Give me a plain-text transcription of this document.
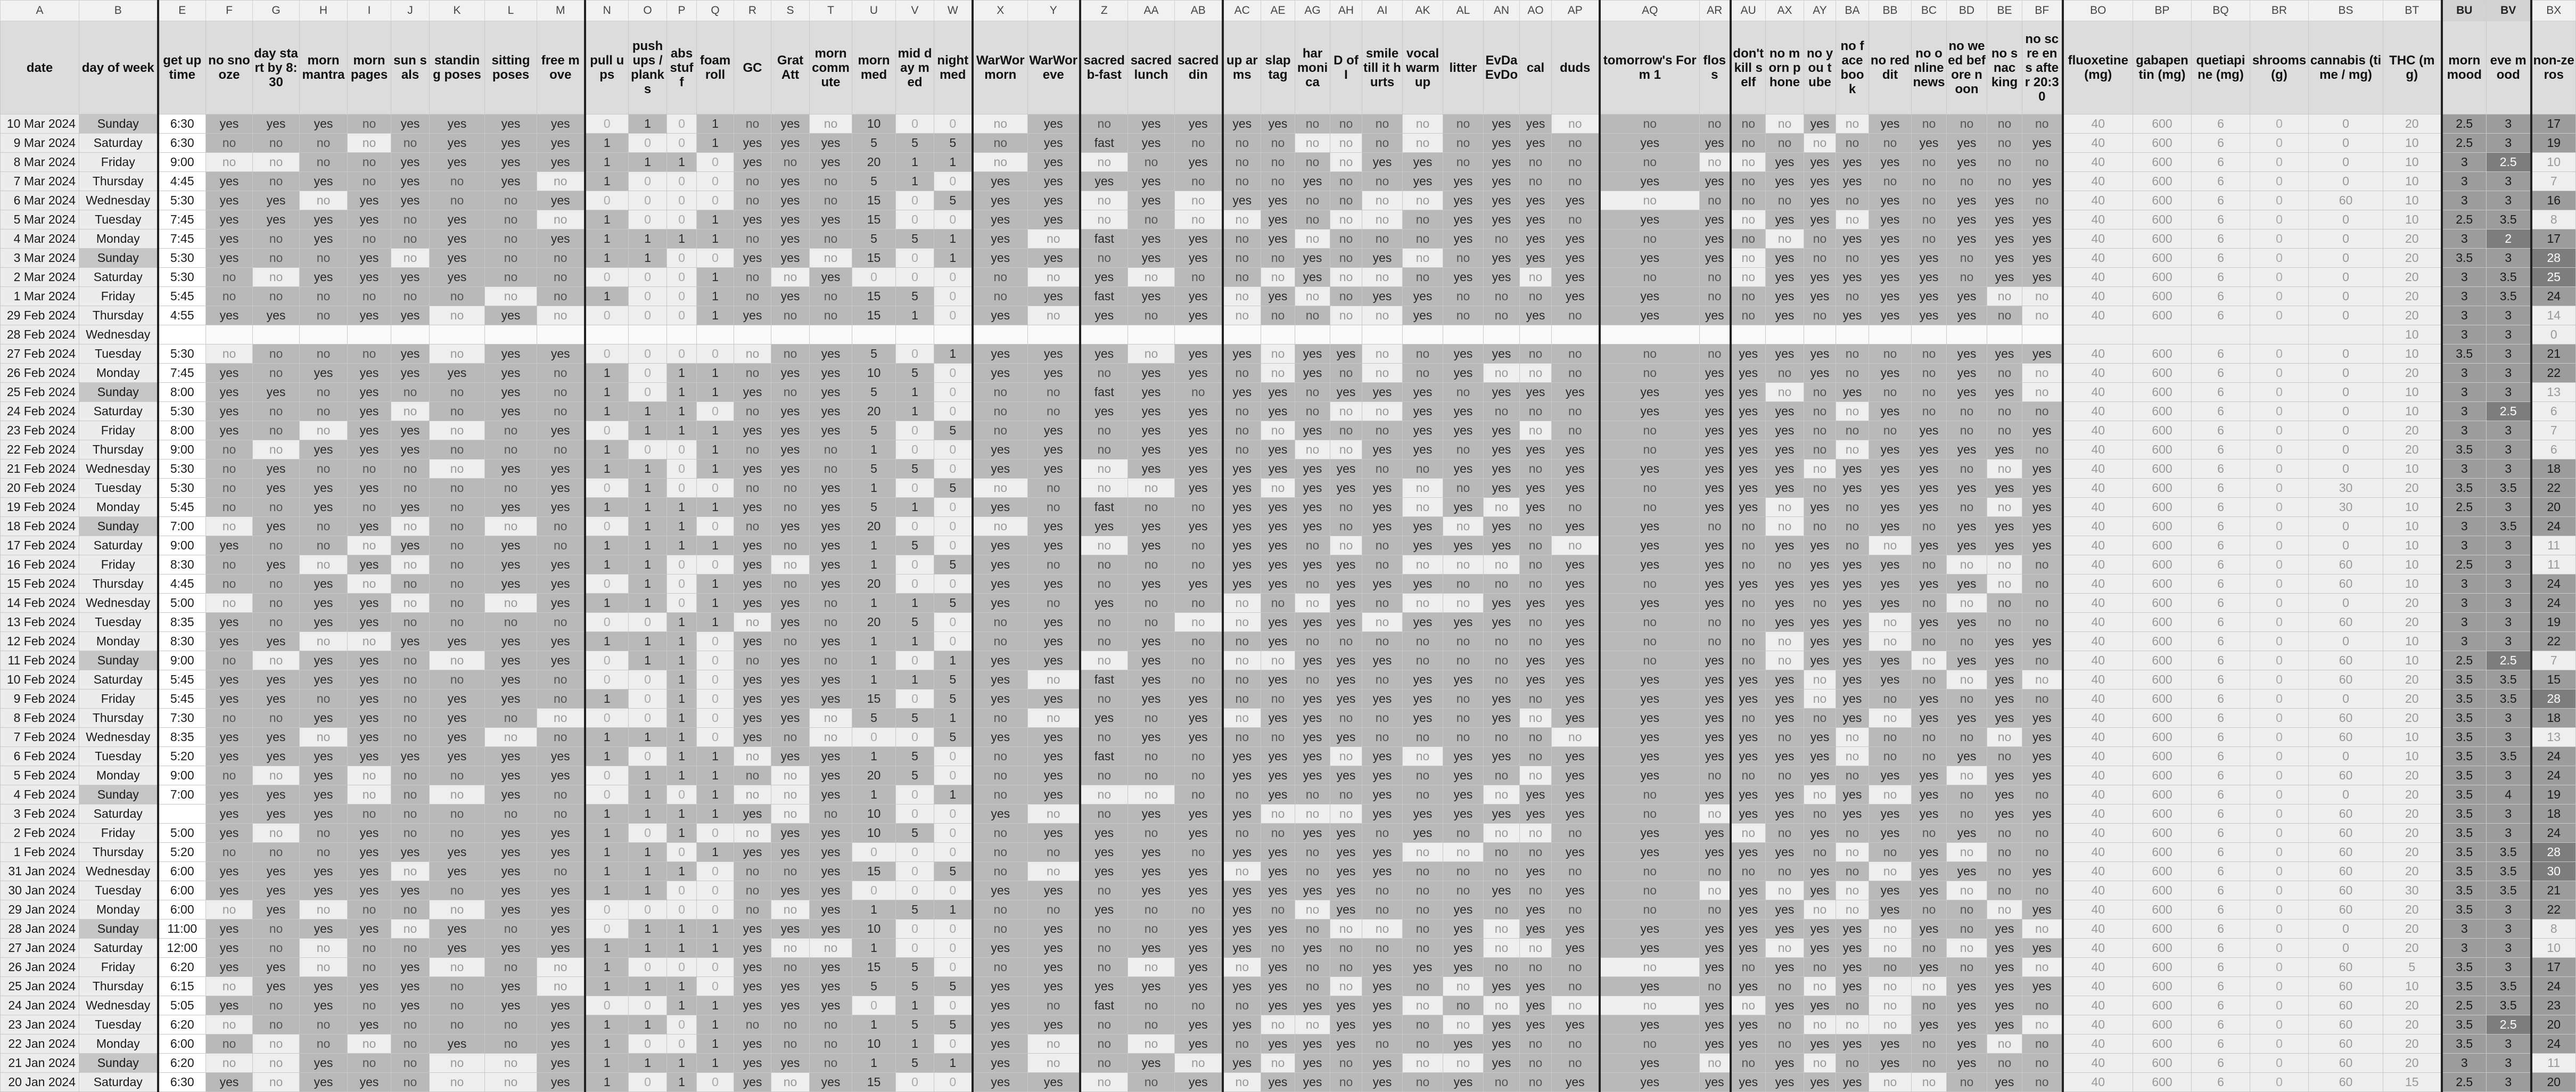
A	B	E	F	G	H	I	J	K	L	M	N	O	P	Q	R	S	T	U	V	W	X	Y	Z	AA	AB	AC	AE	AG	AH	AI	AK	AL	AN	AO	AP	AQ	AR	AU	AX	AY	BA	BB	BC	BD	BE	BF	BO	BP	BQ	BR	BS	BT	BU	BV	BX
date	day of week	get up time	no snooze	day start by 8:30	morn mantra	morn pages	sun sals	standing poses	sitting poses	free move	pull ups	push ups / planks	abs stuff	foam roll	GC	Grat Att	morn commute	morn med	mid day med	night med	WarWor morn	WarWor eve	sacred b-fast	sacred lunch	sacred din	up arms	slap tag	har moni ca	D of I	smile till it hurts	vocal warm up	litter	EvDa EvDo	cal	duds	tomorrow's Form 1	flos s	don't kill self	no morn phone	no you tube	no face book	no reddit	no online news	no weed before noon	no snac king	no scre ens after 20:30	fluoxetine (mg)	gabapentin (mg)	quetiapine (mg)	shrooms (g)	cannabis (time / mg)	THC (mg)	morn mood	eve mood	non-zeros
10 Mar 2024	Sunday	6:30	yes	yes	yes	no	yes	yes	yes	yes	0	1	0	1	no	yes	no	10	0	0	no	yes	no	yes	yes	yes	yes	no	no	no	no	no	yes	yes	no	no	no	no	no	yes	no	yes	no	no	no	no	40	600	6	0	0	20	2.5	3	17
9 Mar 2024	Saturday	6:30	no	no	no	no	no	yes	yes	yes	1	0	0	1	yes	yes	yes	5	5	5	no	yes	fast	yes	no	no	no	no	no	no	no	no	yes	yes	no	yes	yes	no	no	no	no	no	yes	yes	no	yes	40	600	6	0	0	10	2.5	3	19
8 Mar 2024	Friday	9:00	no	no	no	no	yes	yes	yes	yes	1	1	1	0	yes	no	yes	20	1	1	no	yes	no	no	yes	no	no	no	no	yes	yes	no	yes	no	no	no	no	no	yes	yes	yes	yes	no	yes	no	no	40	600	6	0	0	10	3	2.5	10
7 Mar 2024	Thursday	4:45	yes	no	yes	no	yes	no	yes	no	1	0	0	0	no	yes	no	5	1	0	yes	yes	yes	yes	no	no	no	yes	no	no	yes	yes	yes	no	no	yes	yes	no	yes	yes	yes	no	no	no	no	yes	40	600	6	0	0	10	3	3	7
6 Mar 2024	Wednesday	5:30	yes	yes	no	yes	yes	no	no	yes	0	0	0	0	no	yes	no	15	0	5	yes	yes	no	yes	no	yes	yes	no	no	no	no	yes	yes	yes	yes	no	no	no	no	yes	no	yes	no	yes	yes	no	40	600	6	0	60	10	3	3	16
5 Mar 2024	Tuesday	7:45	yes	yes	yes	yes	no	yes	no	no	1	0	0	1	yes	yes	yes	15	0	0	yes	yes	no	no	no	no	yes	no	no	no	no	yes	yes	yes	no	yes	yes	no	yes	yes	no	yes	no	yes	yes	yes	40	600	6	0	0	10	2.5	3.5	8
4 Mar 2024	Monday	7:45	yes	no	yes	no	no	yes	no	yes	1	1	1	1	no	yes	no	5	5	1	yes	no	fast	yes	yes	no	yes	no	no	no	no	yes	no	yes	yes	no	yes	no	no	no	yes	yes	no	yes	yes	yes	40	600	6	0	0	20	3	2	17
3 Mar 2024	Sunday	5:30	yes	no	no	yes	no	yes	no	no	1	1	0	0	yes	yes	no	15	0	1	yes	yes	no	yes	yes	no	no	yes	no	yes	no	no	yes	yes	yes	yes	yes	no	yes	no	no	yes	yes	no	yes	yes	40	600	6	0	0	20	3.5	3	28
2 Mar 2024	Saturday	5:30	no	no	yes	yes	yes	yes	no	no	0	0	0	1	no	no	yes	0	0	0	no	no	yes	no	no	no	no	yes	no	no	no	yes	yes	no	yes	no	no	no	yes	yes	yes	yes	yes	no	yes	yes	40	600	6	0	0	20	3	3.5	25
1 Mar 2024	Friday	5:45	no	no	no	no	no	no	no	no	1	0	0	1	no	yes	no	15	5	0	no	yes	fast	yes	yes	no	yes	no	no	yes	yes	no	no	no	yes	yes	no	no	yes	yes	no	yes	yes	yes	no	no	40	600	6	0	0	20	3	3.5	24
29 Feb 2024	Thursday	4:55	yes	yes	no	yes	yes	no	yes	no	0	0	0	1	yes	no	no	15	1	0	yes	no	yes	no	yes	no	no	no	no	no	yes	no	no	yes	no	yes	yes	no	yes	no	yes	yes	yes	yes	no	no	40	600	6	0	0	20	3	3	14
28 Feb 2024	Wednesday																																																			10	3	3	0
27 Feb 2024	Tuesday	5:30	no	no	no	no	yes	no	yes	yes	0	0	0	0	no	no	yes	5	0	1	yes	yes	yes	no	yes	yes	no	yes	yes	no	no	yes	yes	no	no	no	no	yes	yes	yes	no	no	no	yes	yes	yes	40	600	6	0	0	10	3.5	3	21
26 Feb 2024	Monday	7:45	yes	no	yes	yes	yes	yes	yes	no	1	0	1	1	no	yes	yes	10	5	0	yes	yes	no	yes	yes	no	no	yes	no	no	no	yes	no	no	no	no	yes	yes	no	yes	no	yes	no	yes	no	no	40	600	6	0	0	20	3	3	22
25 Feb 2024	Sunday	8:00	yes	yes	no	yes	no	no	yes	no	1	0	1	1	yes	no	yes	5	1	0	no	no	fast	yes	no	yes	yes	no	yes	yes	yes	no	yes	yes	yes	yes	yes	yes	no	no	yes	no	no	yes	yes	no	40	600	6	0	0	10	3	3	13
24 Feb 2024	Saturday	5:30	yes	no	no	yes	no	no	yes	no	1	1	1	0	no	yes	yes	20	1	0	no	no	yes	yes	yes	no	yes	no	no	no	yes	yes	no	no	no	yes	yes	yes	yes	no	no	yes	no	no	no	no	40	600	6	0	0	10	3	2.5	6
23 Feb 2024	Friday	8:00	yes	no	no	yes	yes	no	no	yes	0	1	1	1	yes	yes	yes	5	0	5	no	yes	no	yes	yes	no	no	yes	no	no	yes	yes	yes	no	no	no	yes	yes	yes	no	no	no	yes	no	no	yes	40	600	6	0	0	20	3	3	7
22 Feb 2024	Thursday	9:00	no	no	yes	yes	yes	no	no	no	1	0	0	1	no	yes	no	1	0	0	yes	yes	no	yes	yes	no	yes	no	no	yes	yes	no	yes	yes	yes	no	yes	yes	yes	no	no	yes	yes	yes	yes	no	40	600	6	0	0	20	3.5	3	6
21 Feb 2024	Wednesday	5:30	no	yes	no	no	no	no	yes	yes	1	1	0	1	yes	yes	no	5	5	0	yes	yes	no	yes	yes	yes	yes	yes	yes	no	no	yes	yes	no	yes	yes	yes	yes	yes	no	yes	yes	yes	no	no	yes	40	600	6	0	0	10	3	3	18
20 Feb 2024	Tuesday	5:30	no	yes	yes	yes	no	no	no	yes	0	1	0	0	no	no	yes	1	0	5	no	no	no	no	yes	yes	no	yes	yes	yes	no	no	yes	yes	yes	no	yes	yes	yes	no	yes	yes	yes	yes	yes	yes	40	600	6	0	30	20	3.5	3.5	22
19 Feb 2024	Monday	5:45	no	no	yes	no	yes	no	yes	yes	1	1	1	1	yes	no	yes	5	1	0	yes	no	fast	no	no	yes	yes	yes	no	yes	no	yes	no	yes	no	no	yes	yes	no	yes	no	yes	yes	no	no	yes	40	600	6	0	30	10	2.5	3	20
18 Feb 2024	Sunday	7:00	no	yes	no	yes	no	no	no	no	0	1	1	0	no	yes	yes	20	0	0	no	yes	yes	yes	yes	yes	yes	yes	no	yes	yes	no	yes	no	yes	yes	no	no	no	no	no	yes	no	yes	yes	yes	40	600	6	0	0	10	3	3.5	24
17 Feb 2024	Saturday	9:00	yes	no	no	no	yes	no	yes	no	1	1	1	1	yes	no	yes	1	5	0	yes	yes	no	yes	no	yes	yes	no	no	no	yes	yes	yes	no	no	yes	yes	no	yes	yes	no	no	yes	yes	yes	yes	40	600	6	0	0	10	3	3	11
16 Feb 2024	Friday	8:30	no	yes	no	yes	no	no	yes	yes	1	1	0	0	yes	no	yes	1	0	5	yes	no	no	no	no	yes	yes	yes	yes	no	no	no	no	no	yes	yes	yes	no	no	yes	yes	yes	no	no	no	no	40	600	6	0	60	10	2.5	3	11
15 Feb 2024	Thursday	4:45	no	no	yes	no	no	no	yes	yes	0	1	0	1	yes	no	yes	20	0	0	yes	yes	no	yes	yes	yes	yes	no	yes	yes	yes	no	no	no	yes	no	yes	yes	yes	yes	yes	yes	yes	yes	no	no	40	600	6	0	60	10	3	3	24
14 Feb 2024	Wednesday	5:00	no	no	yes	yes	no	no	no	yes	1	1	0	1	yes	yes	no	1	1	5	yes	no	yes	no	no	no	no	no	yes	no	no	no	yes	yes	yes	yes	yes	no	yes	no	yes	yes	no	no	no	no	40	600	6	0	0	20	3	3	24
13 Feb 2024	Tuesday	8:35	yes	no	yes	yes	no	no	no	no	0	0	1	1	no	yes	no	20	5	0	no	yes	no	no	no	no	yes	yes	yes	no	yes	yes	yes	no	yes	no	no	no	yes	yes	yes	no	yes	yes	no	no	40	600	6	0	60	20	3	3	19
12 Feb 2024	Monday	8:30	yes	yes	no	no	yes	yes	yes	yes	1	1	1	0	yes	no	yes	1	1	0	no	yes	no	yes	no	no	yes	no	no	no	no	no	no	no	yes	no	no	no	no	yes	yes	no	no	no	yes	yes	40	600	6	0	0	10	3	3	22
11 Feb 2024	Sunday	9:00	no	no	yes	yes	no	no	yes	yes	0	1	1	0	no	yes	no	1	0	1	yes	yes	no	yes	no	no	no	yes	yes	yes	no	no	no	yes	yes	no	yes	no	no	yes	yes	yes	no	yes	yes	no	40	600	6	0	60	10	2.5	2.5	7
10 Feb 2024	Saturday	5:45	yes	yes	yes	yes	no	no	yes	no	0	0	1	0	yes	yes	yes	1	1	5	yes	no	fast	yes	no	no	yes	no	yes	no	yes	yes	no	yes	yes	yes	yes	yes	yes	no	yes	yes	no	no	yes	no	40	600	6	0	60	20	3.5	3.5	15
9 Feb 2024	Friday	5:45	yes	yes	no	yes	no	yes	yes	no	1	0	1	0	yes	yes	yes	15	0	5	yes	yes	no	yes	yes	no	no	yes	yes	yes	yes	no	yes	no	yes	yes	yes	yes	yes	no	yes	no	yes	no	yes	no	40	600	6	0	0	20	3.5	3.5	28
8 Feb 2024	Thursday	7:30	no	no	yes	yes	no	yes	no	no	0	0	1	0	yes	yes	no	5	5	1	no	no	yes	no	yes	no	yes	yes	no	no	yes	no	yes	no	yes	yes	yes	no	yes	no	yes	no	yes	yes	yes	yes	40	600	6	0	60	20	3.5	3	18
7 Feb 2024	Wednesday	8:35	yes	yes	no	yes	no	yes	no	no	1	1	1	0	yes	no	no	0	0	5	yes	yes	no	yes	yes	no	no	yes	yes	no	no	no	no	no	no	yes	yes	yes	no	yes	no	no	no	no	no	yes	40	600	6	0	60	10	3.5	3	13
6 Feb 2024	Tuesday	5:20	yes	yes	yes	yes	yes	yes	yes	yes	1	0	1	1	no	yes	yes	1	5	0	no	yes	fast	no	no	yes	yes	yes	no	yes	no	yes	yes	no	yes	yes	yes	yes	yes	yes	no	no	no	yes	no	yes	40	600	6	0	0	10	3.5	3.5	24
5 Feb 2024	Monday	9:00	no	no	yes	no	no	no	yes	yes	0	1	1	1	no	no	yes	20	5	0	no	yes	no	no	no	yes	yes	yes	yes	yes	no	yes	no	no	yes	yes	no	no	no	yes	no	yes	yes	no	yes	yes	40	600	6	0	60	20	3.5	3	24
4 Feb 2024	Sunday	7:00	yes	yes	yes	no	no	no	yes	no	0	1	0	1	no	no	yes	1	0	1	no	yes	no	no	no	no	yes	no	no	yes	no	yes	no	yes	yes	no	yes	yes	yes	no	yes	no	yes	no	yes	no	40	600	6	0	0	20	3.5	4	19
3 Feb 2024	Saturday		yes	yes	yes	no	no	no	no	no	1	1	1	1	yes	no	no	10	0	0	yes	no	no	yes	yes	yes	no	no	no	yes	yes	yes	yes	yes	yes	no	no	yes	yes	no	yes	yes	yes	no	yes	yes	40	600	6	0	60	20	3.5	3	18
2 Feb 2024	Friday	5:00	yes	no	no	yes	no	no	yes	yes	1	0	1	0	no	yes	yes	10	5	0	no	yes	yes	no	yes	no	no	yes	yes	no	yes	no	no	no	no	yes	yes	no	no	yes	no	yes	no	yes	no	no	40	600	6	0	60	20	3.5	3	24
1 Feb 2024	Thursday	5:20	no	no	no	yes	yes	yes	yes	yes	1	1	0	1	yes	yes	yes	0	0	0	no	no	yes	yes	no	yes	yes	no	yes	yes	no	no	no	no	yes	yes	yes	yes	yes	no	no	no	yes	no	no	no	40	600	6	0	60	20	3.5	3.5	28
31 Jan 2024	Wednesday	6:00	yes	yes	yes	yes	no	yes	yes	no	1	1	1	0	no	no	yes	15	0	5	no	no	yes	yes	yes	no	yes	no	yes	yes	no	no	no	yes	no	no	no	no	no	yes	no	no	yes	yes	no	yes	40	600	6	0	60	20	3.5	3.5	30
30 Jan 2024	Tuesday	6:00	yes	yes	yes	yes	yes	no	yes	yes	1	1	0	0	no	yes	yes	0	0	0	yes	yes	no	yes	yes	yes	yes	yes	yes	no	no	no	yes	no	yes	no	no	yes	no	yes	no	yes	yes	no	no	no	40	600	6	0	60	30	3.5	3.5	21
29 Jan 2024	Monday	6:00	no	yes	no	no	no	no	yes	yes	0	0	0	0	no	no	yes	1	5	1	no	no	yes	no	no	yes	no	no	yes	no	no	yes	no	yes	no	no	no	yes	yes	no	no	yes	no	no	no	yes	40	600	6	0	60	20	3.5	3	22
28 Jan 2024	Sunday	11:00	yes	no	yes	yes	no	yes	no	yes	0	1	1	1	yes	yes	yes	10	0	0	no	yes	no	no	yes	yes	yes	no	no	no	no	yes	no	yes	yes	yes	yes	yes	yes	yes	yes	no	yes	no	yes	no	40	600	6	0	0	20	3	3	8
27 Jan 2024	Saturday	12:00	yes	no	no	no	no	yes	yes	yes	1	1	1	1	yes	no	no	1	0	0	yes	yes	no	yes	yes	yes	no	yes	no	no	no	yes	no	no	yes	yes	yes	yes	no	yes	yes	no	no	no	yes	yes	40	600	6	0	0	20	3	3	10
26 Jan 2024	Friday	6:20	yes	yes	no	no	yes	no	no	no	1	0	0	0	yes	no	yes	15	5	0	no	yes	no	no	yes	no	yes	no	no	yes	yes	yes	no	no	no	no	yes	no	yes	no	yes	no	yes	no	yes	no	40	600	6	0	60	5	3.5	3	17
25 Jan 2024	Thursday	6:15	no	yes	yes	yes	yes	no	yes	no	1	1	1	0	yes	yes	yes	5	5	5	yes	yes	yes	yes	yes	yes	yes	no	no	yes	no	no	yes	yes	no	yes	no	yes	no	no	yes	no	no	yes	yes	yes	40	600	6	0	60	10	3.5	3.5	24
24 Jan 2024	Wednesday	5:05	yes	no	yes	no	yes	no	yes	yes	0	0	1	1	yes	yes	yes	0	1	0	yes	no	fast	no	no	no	yes	yes	yes	yes	no	no	no	yes	no	no	yes	no	yes	yes	no	no	no	yes	yes	no	40	600	6	0	60	20	2.5	3.5	23
23 Jan 2024	Tuesday	6:20	no	no	no	yes	no	no	no	yes	1	1	0	1	no	no	no	1	5	5	yes	yes	no	no	yes	yes	no	no	yes	yes	no	no	yes	yes	yes	yes	yes	yes	no	no	no	no	yes	yes	yes	no	40	600	6	0	60	20	3.5	2.5	20
22 Jan 2024	Monday	6:00	no	no	no	no	no	yes	no	yes	1	0	0	1	yes	no	no	10	1	0	yes	no	no	no	yes	no	yes	yes	yes	no	no	yes	yes	no	no	no	yes	yes	no	yes	yes	yes	no	yes	no	no	40	600	6	0	60	20	3.5	3	24
21 Jan 2024	Sunday	6:20	no	no	yes	no	no	no	no	yes	1	1	1	1	yes	yes	no	1	5	1	yes	no	no	yes	no	yes	no	yes	no	yes	no	no	yes	no	no	yes	no	no	yes	no	no	yes	no	yes	no	no	40	600	6	0	60	20	3	3	11
20 Jan 2024	Saturday	6:30	yes	no	yes	yes	no	no	no	yes	1	0	1	0	yes	no	yes	15	0	0	yes	yes	no	no	yes	no	yes	yes	no	yes	no	yes	no	no	yes	yes	yes	yes	yes	yes	yes	no	no	no	yes	no	40	600	6	0	60	15	2.5	3	20
